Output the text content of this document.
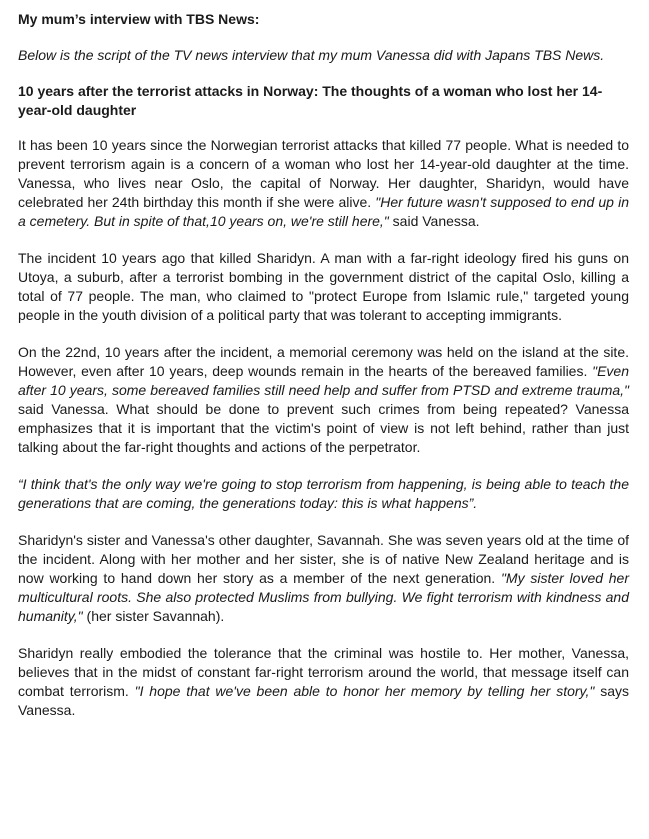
My mum’s interview with TBS News:
Below is the script of the TV news interview that my mum Vanessa did with Japans TBS News.
10 years after the terrorist attacks in Norway: The thoughts of a woman who lost her 14-year-old daughter

It has been 10 years since the Norwegian terrorist attacks that killed 77 people. What is needed to prevent terrorism again is a concern of a woman who lost her 14-year-old daughter at the time. Vanessa, who lives near Oslo, the capital of Norway. Her daughter, Sharidyn, would have celebrated her 24th birthday this month if she were alive. "Her future wasn't supposed to end up in a cemetery. But in spite of that,10 years on, we're still here," said Vanessa.

The incident 10 years ago that killed Sharidyn. A man with a far-right ideology fired his guns on Utoya, a suburb, after a terrorist bombing in the government district of the capital Oslo, killing a total of 77 people. The man, who claimed to "protect Europe from Islamic rule," targeted young people in the youth division of a political party that was tolerant to accepting immigrants.

On the 22nd, 10 years after the incident, a memorial ceremony was held on the island at the site. However, even after 10 years, deep wounds remain in the hearts of the bereaved families. "Even after 10 years, some bereaved families still need help and suffer from PTSD and extreme trauma," said Vanessa. What should be done to prevent such crimes from being repeated? Vanessa emphasizes that it is important that the victim's point of view is not left behind, rather than just talking about the far-right thoughts and actions of the perpetrator.

“I think that's the only way we're going to stop terrorism from happening, is being able to teach the generations that are coming, the generations today: this is what happens”.

Sharidyn's sister and Vanessa's other daughter, Savannah. She was seven years old at the time of the incident. Along with her mother and her sister, she is of native New Zealand heritage and is now working to hand down her story as a member of the next generation. "My sister loved her multicultural roots. She also protected Muslims from bullying. We fight terrorism with kindness and humanity," (her sister Savannah).

Sharidyn really embodied the tolerance that the criminal was hostile to. Her mother, Vanessa, believes that in the midst of constant far-right terrorism around the world, that message itself can combat terrorism. "I hope that we've been able to honor her memory by telling her story," says Vanessa.
